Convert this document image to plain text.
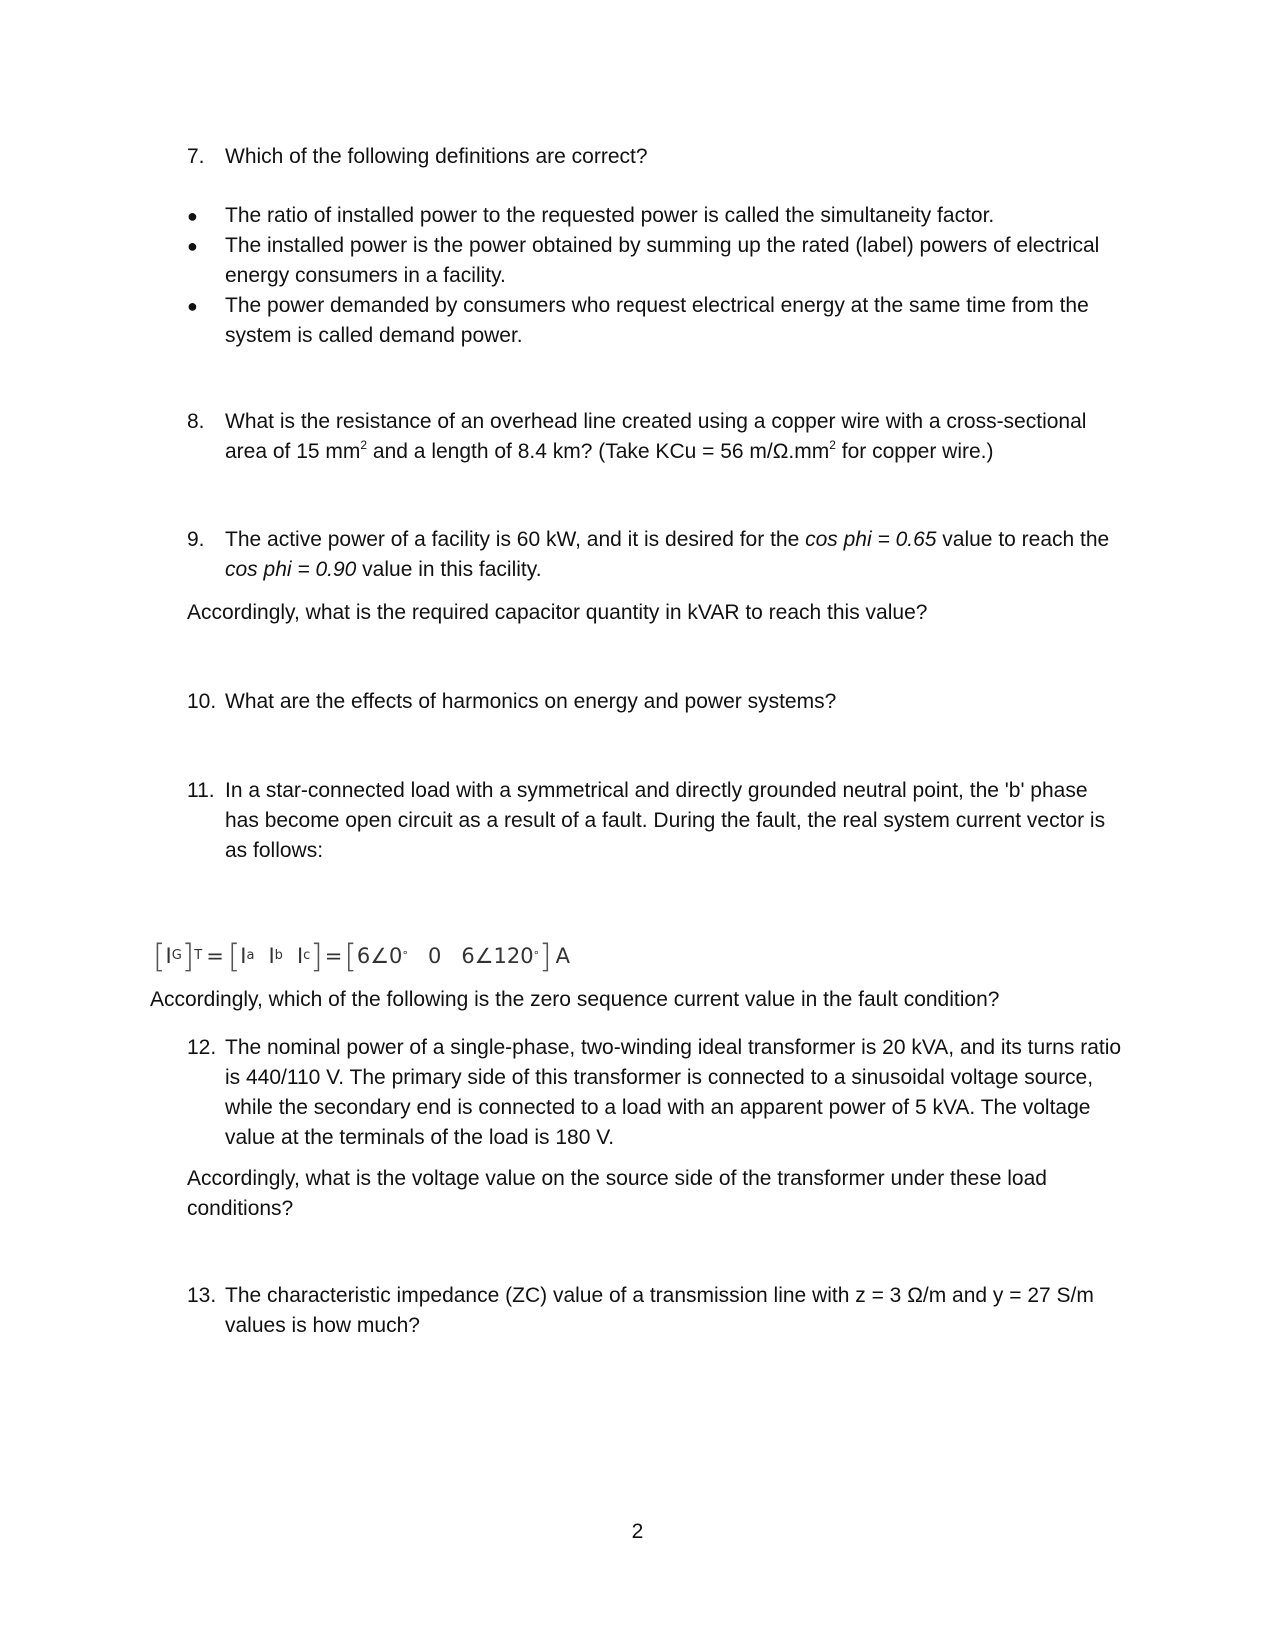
7. Which of the following definitions are correct?
● The ratio of installed power to the requested power is called the simultaneity factor.
● The installed power is the power obtained by summing up the rated (label) powers of electrical energy consumers in a facility.
● The power demanded by consumers who request electrical energy at the same time from the system is called demand power.
8. What is the resistance of an overhead line created using a copper wire with a cross-sectional area of 15 $mm^2$ and a length of 8.4 km? (Take KCu = 56 $m/\Omega.mm^2$ for copper wire.)
9. The active power of a facility is 60 kW, and it is desired for the cos phi = 0.65 value to reach the cos phi = 0.90 value in this facility.
Accordingly, what is the required capacitor quantity in kVAR to reach this value?
10. What are the effects of harmonics on energy and power systems?
11. In a star-connected load with a symmetrical and directly grounded neutral point, the 'b' phase has become open circuit as a result of a fault. During the fault, the real system current vector is as follows:
[ I G ] T = [ I a I b I c ] = [ 6∠0 ° 0 6∠120 ° ] A
Accordingly, which of the following is the zero sequence current value in the fault condition?
12. The nominal power of a single-phase, two-winding ideal transformer is 20 kVA, and its turns ratio is 440/110 V. The primary side of this transformer is connected to a sinusoidal voltage source, while the secondary end is connected to a load with an apparent power of 5 kVA. The voltage value at the terminals of the load is 180 V.
Accordingly, what is the voltage value on the source side of the transformer under these load conditions?
13. The characteristic impedance (ZC) value of a transmission line with z = 3 Ω/m and y = 27 S/m values is how much?
2
